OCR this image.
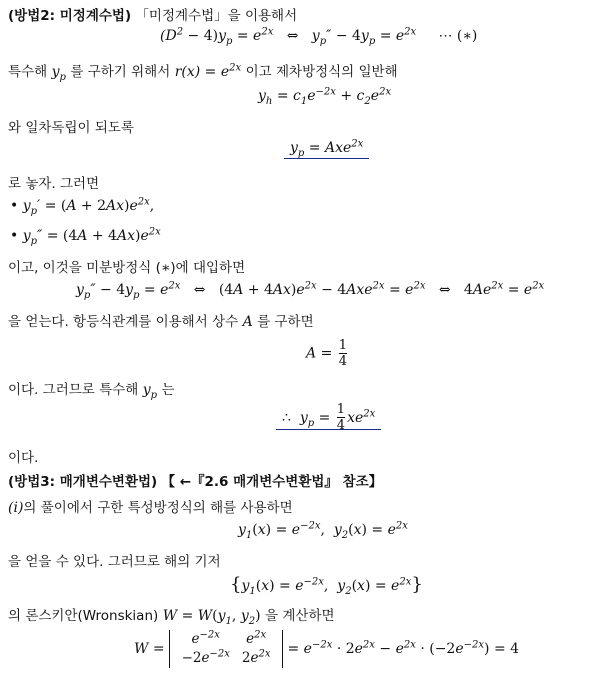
(방법2: 미정계수법) 「미정계수법」을 이용해서
$(D^2 - 4)y_p = e^{2x}$   ⇔   $y_p'' - 4y_p = e^{2x}$ ⋯ (∗)
특수해 $y_p$ 를 구하기 위해서 $r(x) = e^{2x}$ 이고 제차방정식의 일반해
$y_h = c_1e^{-2x} + c_2e^{2x}$
와 일차독립이 되도록
$y_p = Axe^{2x}$
로 놓자. 그러면
• $y_p' = (A + 2Ax)e^{2x}$,
• $y_p'' = (4A + 4Ax)e^{2x}$
이고, 이것을 미분방정식 (∗)에 대입하면
$y_p'' - 4y_p = e^{2x}$   ⇔   $(4A + 4Ax)e^{2x} - 4Axe^{2x} = e^{2x}$   ⇔   $4Ae^{2x} = e^{2x}$
을 얻는다. 항등식관계를 이용해서 상수 A 를 구하면
$A = \frac{1}{4}$
이다. 그러므로 특수해 $y_p$ 는
∴  $y_p = \frac{1}{4} xe^{2x}$
이다.
(방법3: 매개변수변환법) 【 ←『2.6 매개변수변환법』 참조】
(i)의 풀이에서 구한 특성방정식의 해를 사용하면
$y_1(x) = e^{-2x}$,  $y_2(x) = e^{2x}$
을 얻을 수 있다. 그러므로 해의 기저
{$y_1(x) = e^{-2x}$,  $y_2(x) = e^{2x}$}
의 론스키안(Wronskian) $W = W(y_1$, $y_2$) 을 계산하면
W =
$e^{-2x}$	$e^{2x}$
$-2e^{-2x}$	$2e^{2x} = e^{-2x} \cdot 2e^{2x} - e^{2x} \cdot (-2e^{-2x}) = 4$
